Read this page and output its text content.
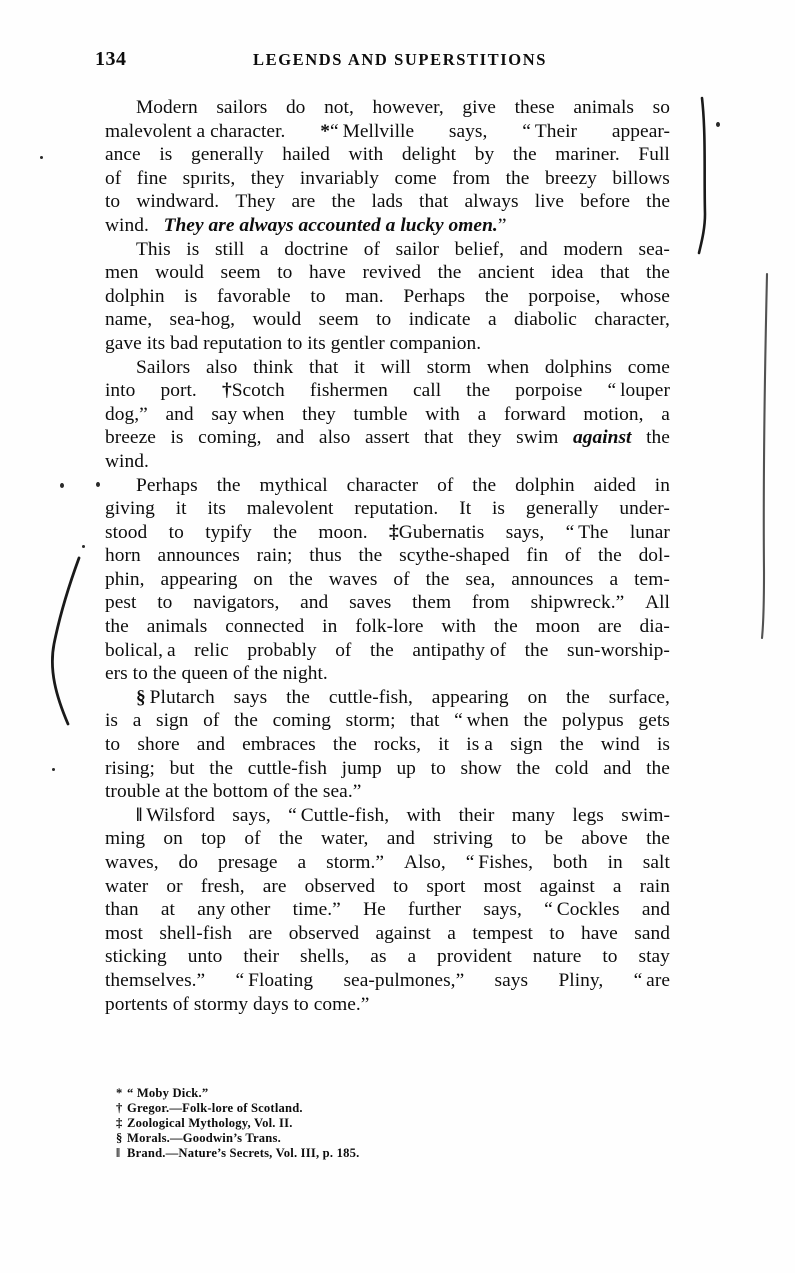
134	LEGENDS AND SUPERSTITIONS

Modern sailors do not, however, give these animals so
malevolent a character. *“ Mellville says, “ Their appear-
ance is generally hailed with delight by the mariner. Full
of fine spırits, they invariably come from the breezy billows
to windward. They are the lads that always live before the
wind.   They are always accounted a lucky omen.”

This is still a doctrine of sailor belief, and modern sea-
men would seem to have revived the ancient idea that the
dolphin is favorable to man. Perhaps the porpoise, whose
name, sea-hog, would seem to indicate a diabolic character,
gave its bad reputation to its gentler companion.

Sailors also think that it will storm when dolphins come
into port. †Scotch fishermen call the porpoise “ louper
dog,” and say when they tumble with a forward motion, a
breeze is coming, and also assert that they swim against the
wind.

Perhaps the mythical character of the dolphin aided in
giving it its malevolent reputation. It is generally under-
stood to typify the moon. ‡Gubernatis says, “ The lunar
horn announces rain; thus the scythe-shaped fin of the dol-
phin, appearing on the waves of the sea, announces a tem-
pest to navigators, and saves them from shipwreck.” All
the animals connected in folk-lore with the moon are dia-
bolical, a relic probably of the antipathy of the sun-worship-
ers to the queen of the night.

§ Plutarch says the cuttle-fish, appearing on the surface,
is a sign of the coming storm; that “ when the polypus gets
to shore and embraces the rocks, it is a sign the wind is
rising; but the cuttle-fish jump up to show the cold and the
trouble at the bottom of the sea.”

‖ Wilsford says, “ Cuttle-fish, with their many legs swim-
ming on top of the water, and striving to be above the
waves, do presage a storm.” Also, “ Fishes, both in salt
water or fresh, are observed to sport most against a rain
than at any other time.” He further says, “ Cockles and
most shell-fish are observed against a tempest to have sand
sticking unto their shells, as a provident nature to stay
themselves.” “ Floating sea-pulmones,” says Pliny, “ are
portents of stormy days to come.”

* “ Moby Dick.”
† Gregor.—Folk-lore of Scotland.
‡ Zoological Mythology, Vol. II.
§ Morals.—Goodwin’s Trans.
‖ Brand.—Nature’s Secrets, Vol. III, p. 185.
